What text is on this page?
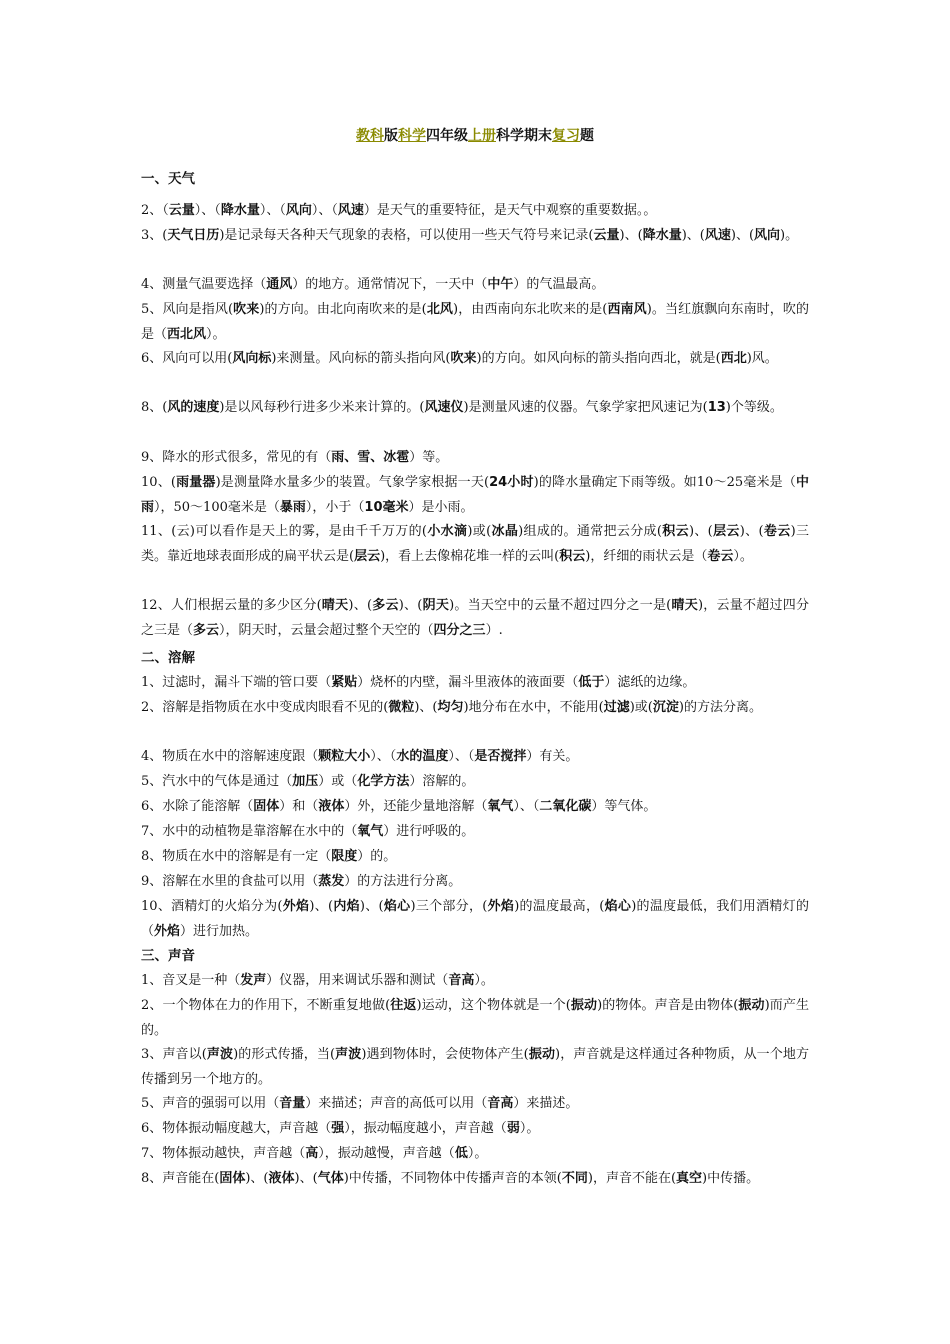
教科版科学四年级上册科学期末复习题
一、天气
2、（云量）、（降水量）、（风向）、（风速）是天气的重要特征，是天气中观察的重要数据。。
3、(天气日历)是记录每天各种天气现象的表格，可以使用一些天气符号来记录(云量)、(降水量)、(风速)、(风向)。
4、测量气温要选择（通风）的地方。通常情况下，一天中（中午）的气温最高。
5、风向是指风(吹来)的方向。由北向南吹来的是(北风)，由西南向东北吹来的是(西南风)。当红旗飘向东南时，吹的是（西北风）。
6、风向可以用(风向标)来测量。风向标的箭头指向风(吹来)的方向。如风向标的箭头指向西北，就是(西北)风。
8、(风的速度)是以风每秒行进多少米来计算的。(风速仪)是测量风速的仪器。气象学家把风速记为(13)个等级。
9、降水的形式很多，常见的有（雨、雪、冰雹）等。
10、(雨量器)是测量降水量多少的装置。气象学家根据一天(24小时)的降水量确定下雨等级。如10～25毫米是（中雨），50～100毫米是（暴雨），小于（10毫米）是小雨。
11、(云)可以看作是天上的雾，是由千千万万的(小水滴)或(冰晶)组成的。通常把云分成(积云)、(层云)、(卷云)三类。靠近地球表面形成的扁平状云是(层云)，看上去像棉花堆一样的云叫(积云)，纤细的雨状云是（卷云）。
12、人们根据云量的多少区分(晴天)、(多云)、(阴天)。当天空中的云量不超过四分之一是(晴天)，云量不超过四分之三是（多云），阴天时，云量会超过整个天空的（四分之三）.
二、溶解
1、过滤时，漏斗下端的管口要（紧贴）烧杯的内壁，漏斗里液体的液面要（低于）滤纸的边缘。
2、溶解是指物质在水中变成肉眼看不见的(微粒)、(均匀)地分布在水中，不能用(过滤)或(沉淀)的方法分离。
4、物质在水中的溶解速度跟（颗粒大小）、（水的温度）、（是否搅拌）有关。
5、汽水中的气体是通过（加压）或（化学方法）溶解的。
6、水除了能溶解（固体）和（液体）外，还能少量地溶解（氧气）、（二氧化碳）等气体。
7、水中的动植物是靠溶解在水中的（氧气）进行呼吸的。
8、物质在水中的溶解是有一定（限度）的。
9、溶解在水里的食盐可以用（蒸发）的方法进行分离。
10、酒精灯的火焰分为(外焰)、(内焰)、(焰心)三个部分，(外焰)的温度最高，(焰心)的温度最低，我们用酒精灯的（外焰）进行加热。
三、声音
1、音叉是一种（发声）仪器，用来调试乐器和测试（音高）。
2、一个物体在力的作用下，不断重复地做(往返)运动，这个物体就是一个(振动)的物体。声音是由物体(振动)而产生的。
3、声音以(声波)的形式传播，当(声波)遇到物体时，会使物体产生(振动)，声音就是这样通过各种物质，从一个地方传播到另一个地方的。
5、声音的强弱可以用（音量）来描述；声音的高低可以用（音高）来描述。
6、物体振动幅度越大，声音越（强），振动幅度越小，声音越（弱）。
7、物体振动越快，声音越（高），振动越慢，声音越（低）。
8、声音能在(固体)、(液体)、(气体)中传播，不同物体中传播声音的本领(不同)，声音不能在(真空)中传播。
